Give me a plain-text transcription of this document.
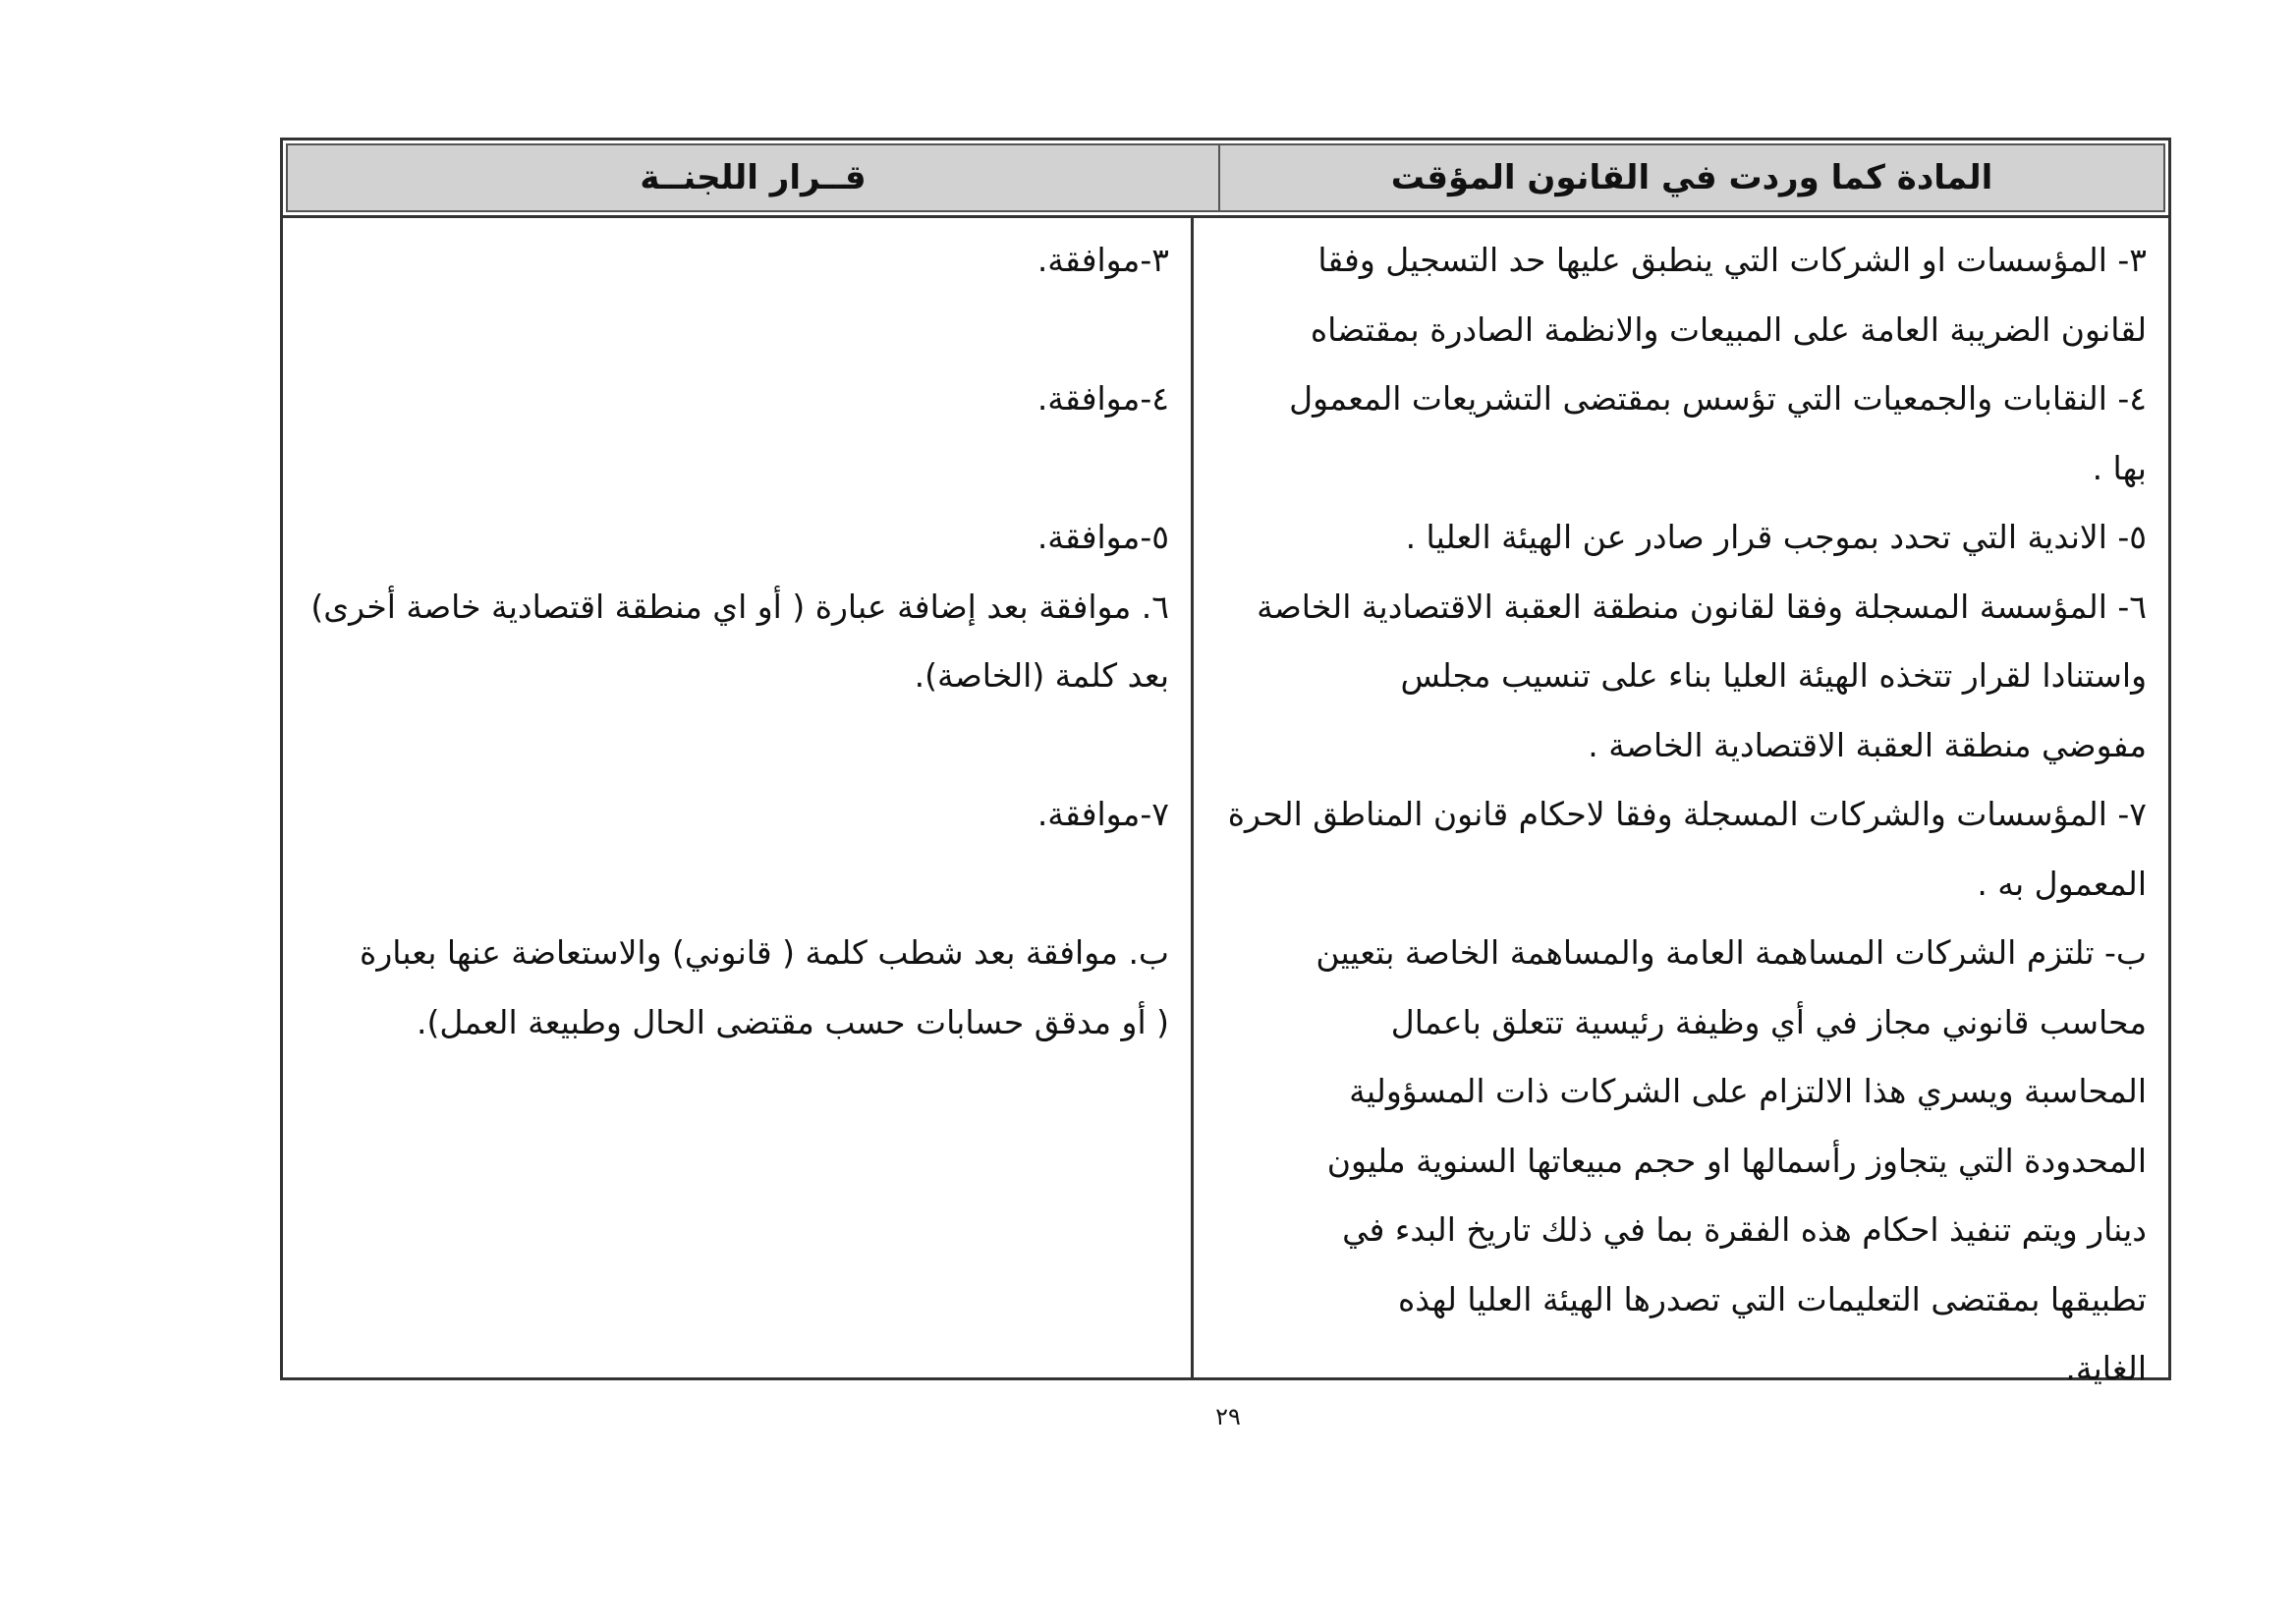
المادة كما وردت في القانون المؤقت
قــرار اللجنــة
٣- المؤسسات او الشركات التي ينطبق عليها حد التسجيل وفقا
لقانون الضريبة العامة على المبيعات والانظمة الصادرة بمقتضاه
٤- النقابات والجمعيات التي تؤسس بمقتضى التشريعات المعمول
بها .
٥- الاندية التي تحدد بموجب قرار صادر عن الهيئة العليا .
٦- المؤسسة المسجلة وفقا لقانون منطقة العقبة الاقتصادية الخاصة
واستنادا لقرار تتخذه الهيئة العليا بناء على تنسيب مجلس
مفوضي منطقة العقبة الاقتصادية الخاصة .
٧- المؤسسات والشركات المسجلة وفقا لاحكام قانون المناطق الحرة
المعمول به .
ب- تلتزم الشركات المساهمة العامة والمساهمة الخاصة بتعيين
محاسب قانوني مجاز في أي وظيفة رئيسية تتعلق باعمال
المحاسبة ويسري هذا الالتزام على الشركات ذات المسؤولية
المحدودة التي يتجاوز رأسمالها او حجم مبيعاتها السنوية مليون
دينار ويتم تنفيذ احكام هذه الفقرة بما في ذلك تاريخ البدء في
تطبيقها بمقتضى التعليمات التي تصدرها الهيئة العليا لهذه
الغاية.
٣-موافقة.
٤-موافقة.
٥-موافقة.
٦. موافقة بعد إضافة عبارة ( أو اي منطقة اقتصادية خاصة أخرى)
بعد كلمة (الخاصة).
٧-موافقة.
ب. موافقة بعد شطب كلمة ( قانوني) والاستعاضة عنها بعبارة
( أو مدقق حسابات حسب مقتضى الحال وطبيعة العمل).
٢٩
